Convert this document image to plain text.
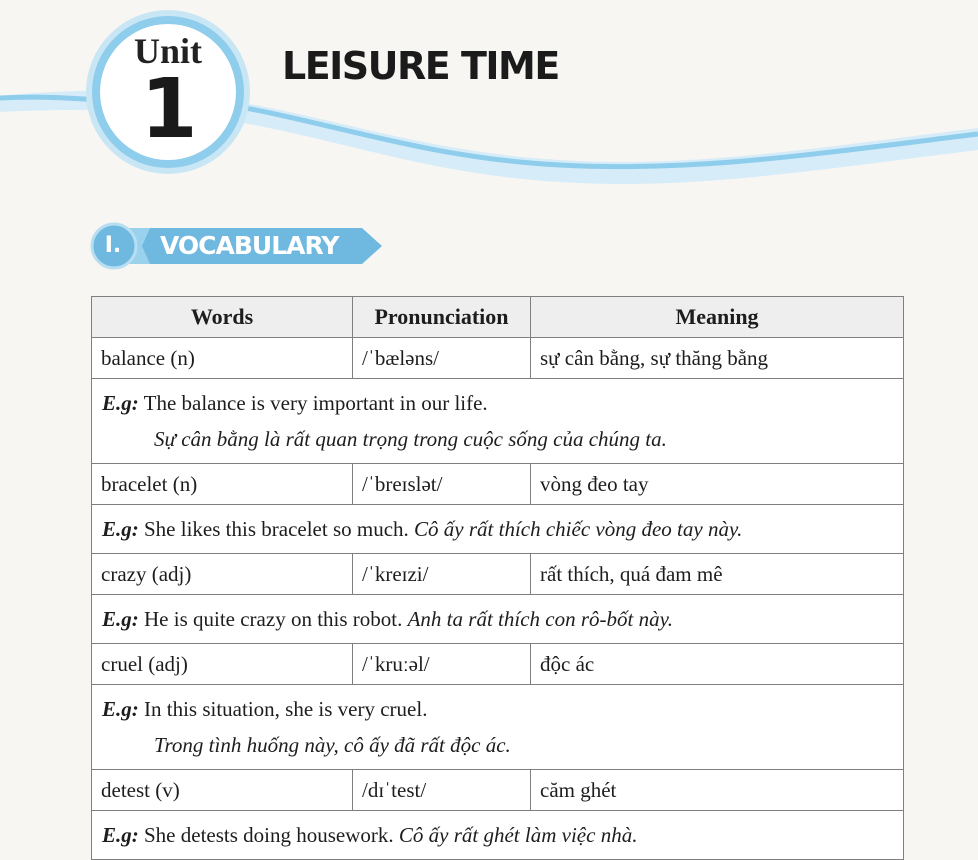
Unit
1	LEISURE TIME
I.	VOCABULARY
Words	Pronunciation	Meaning
balance (n)	/ˈbæləns/	sự cân bằng, sự thăng bằng
E.g: The balance is very important in our life.
Sự cân bằng là rất quan trọng trong cuộc sống của chúng ta.		

bracelet (n)	/ˈbreɪslət/	vòng đeo tay
E.g: She likes this bracelet so much. Cô ấy rất thích chiếc vòng đeo tay này.		
crazy (adj)	/ˈkreɪzi/	rất thích, quá đam mê
E.g: He is quite crazy on this robot. Anh ta rất thích con rô-bốt này.		
cruel (adj)	/ˈkruːəl/	độc ác
E.g: In this situation, she is very cruel.
Trong tình huống này, cô ấy đã rất độc ác.		

detest (v)	/dɪˈtest/	căm ghét
E.g: She detests doing housework. Cô ấy rất ghét làm việc nhà.		
